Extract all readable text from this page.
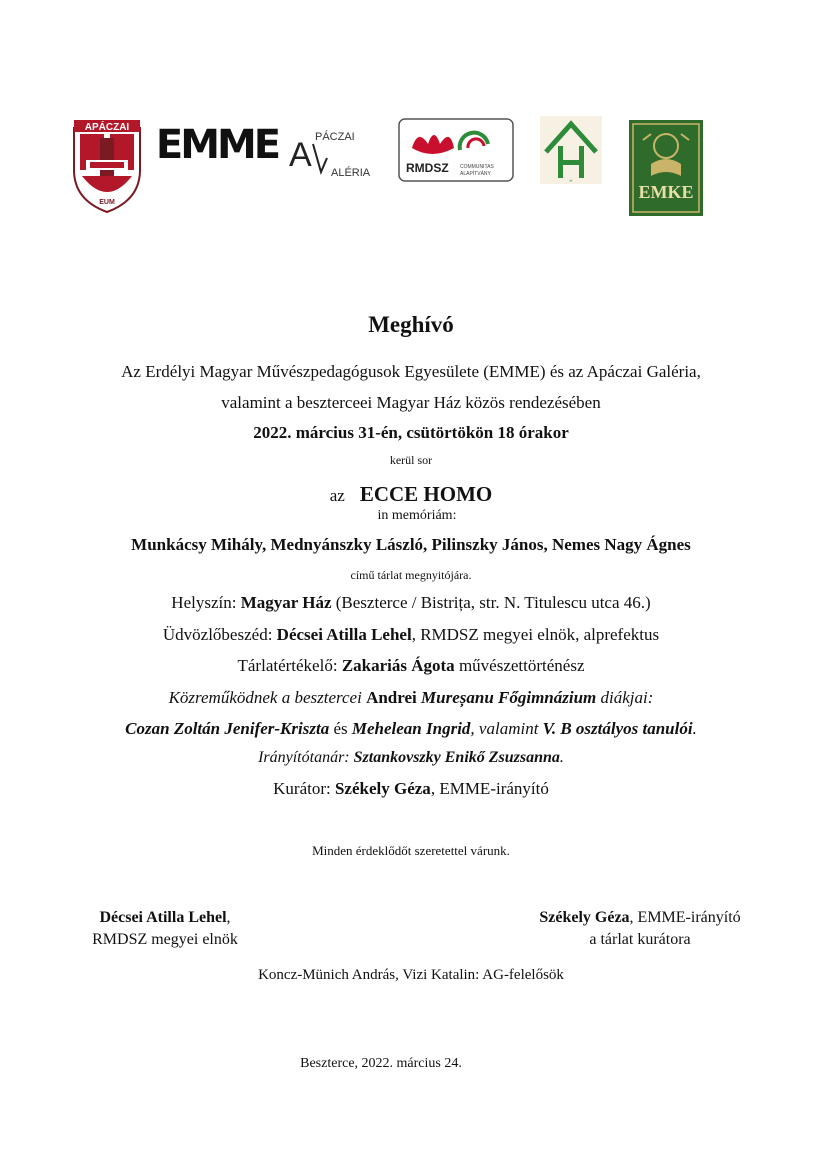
APÁCZAI
EUM
EMME	PÁCZAI
A ALÉRIA	RMDSZ COMMUNITAS
ALAPÍTVÁNY
H
EMKE
Meghívó
Az Erdélyi Magyar Művészpedagógusok Egyesülete (EMME) és az Apáczai Galéria,
valamint a beszterceei Magyar Ház közös rendezésében
2022. március 31-én, csütörtökön 18 órakor
kerül sor
az ECCE HOMO
in memóriám:
Munkácsy Mihály, Mednyánszky László, Pilinszky János, Nemes Nagy Ágnes
című tárlat megnyitójára.
Helyszín: Magyar Ház (Beszterce / Bistrița, str. N. Titulescu utca 46.)
Üdvözlőbeszéd: Décsei Atilla Lehel, RMDSZ megyei elnök, alprefektus
Tárlatértékelő: Zakariás Ágota művészettörténész
Közreműködnek a besztercei Andrei Mureșanu Főgimnázium diákjai:
Cozan Zoltán Jenifer-Kriszta és Mehelean Ingrid, valamint V. B osztályos tanulói.
Irányítótanár: Sztankovszky Enikő Zsuzsanna.
Kurátor: Székely Géza, EMME-irányító
Minden érdeklődőt szeretettel várunk.
Décsei Atilla Lehel,
RMDSZ megyei elnök
Székely Géza, EMME-irányító
a tárlat kurátora
Koncz-Münich András, Vizi Katalin: AG-felelősök
Beszterce, 2022. március 24.
